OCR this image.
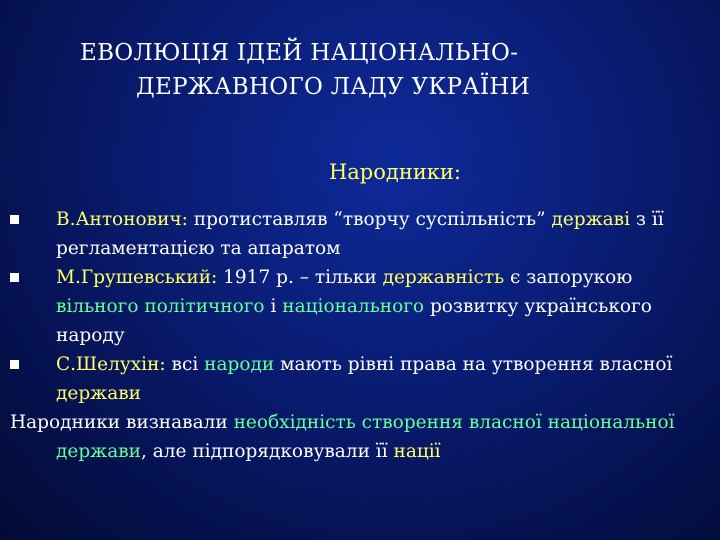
ЕВОЛЮЦІЯ ІДЕЙ НАЦІОНАЛЬНО-
ДЕРЖАВНОГО ЛАДУ УКРАЇНИ
Народники:
В.Антонович: протиставляв “творчу суспільність” державі з її регламентацією та апаратом
М.Грушевський: 1917 р. – тільки державність є запорукою вільного політичного і національного розвитку українського народу
С.Шелухін: всі народи мають рівні права на утворення власної держави
Народники визнавали необхідність створення власної національної держави, але підпорядковували її нації
